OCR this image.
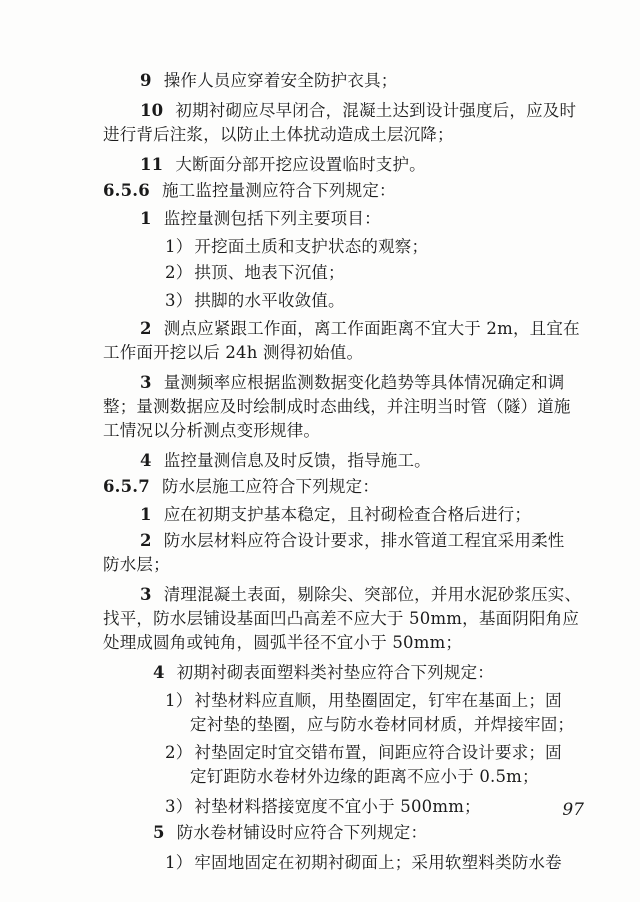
9 操作人员应穿着安全防护衣具；
10 初期衬砌应尽早闭合，混凝土达到设计强度后，应及时
进行背后注浆，以防止土体扰动造成土层沉降；
11 大断面分部开挖应设置临时支护。
6.5.6 施工监控量测应符合下列规定：
1 监控量测包括下列主要项目：
1） 开挖面土质和支护状态的观察；
2） 拱顶、地表下沉值；
3） 拱脚的水平收敛值。
2 测点应紧跟工作面，离工作面距离不宜大于 2m，且宜在
工作面开挖以后 24h 测得初始值。
3 量测频率应根据监测数据变化趋势等具体情况确定和调
整；量测数据应及时绘制成时态曲线，并注明当时管（隧）道施
工情况以分析测点变形规律。
4 监控量测信息及时反馈，指导施工。
6.5.7 防水层施工应符合下列规定：
1 应在初期支护基本稳定，且衬砌检查合格后进行；
2 防水层材料应符合设计要求，排水管道工程宜采用柔性
防水层；
3 清理混凝土表面，剔除尖、突部位，并用水泥砂浆压实、
找平，防水层铺设基面凹凸高差不应大于 50mm，基面阴阳角应
处理成圆角或钝角，圆弧半径不宜小于 50mm；
4 初期衬砌表面塑料类衬垫应符合下列规定：
1） 衬垫材料应直顺，用垫圈固定，钉牢在基面上；固
定衬垫的垫圈，应与防水卷材同材质，并焊接牢固；
2） 衬垫固定时宜交错布置，间距应符合设计要求；固
定钉距防水卷材外边缘的距离不应小于 0.5m；
3） 衬垫材料搭接宽度不宜小于 500mm；
5 防水卷材铺设时应符合下列规定：
1） 牢固地固定在初期衬砌面上；采用软塑料类防水卷
97
